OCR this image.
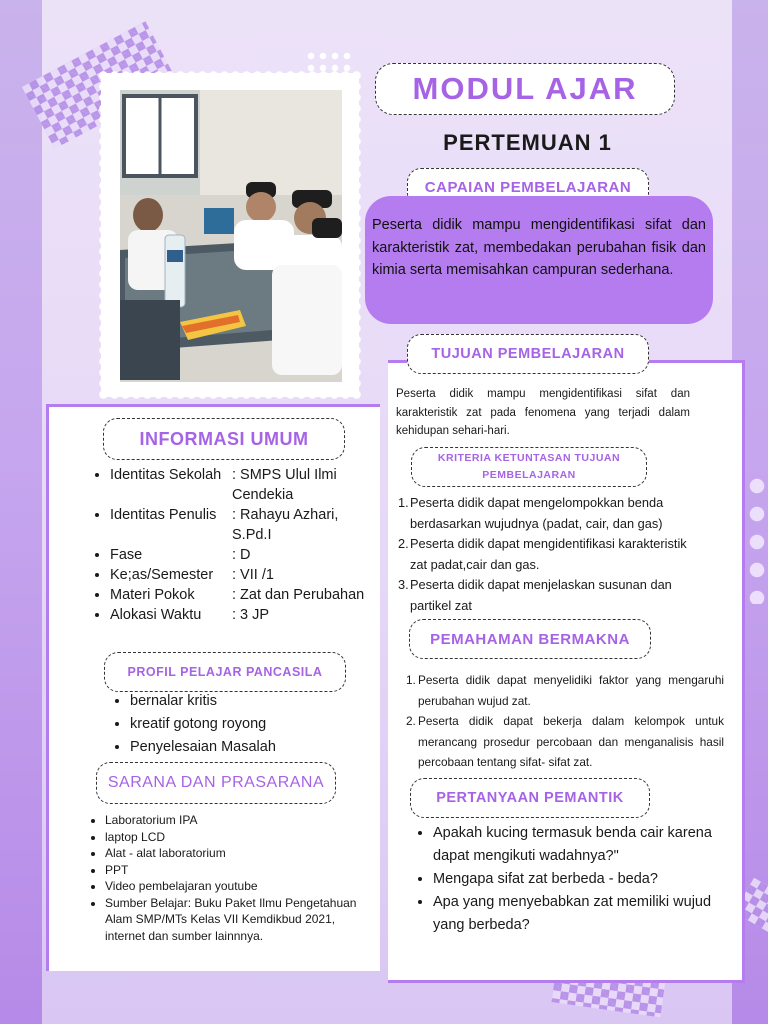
MODUL AJAR
PERTEMUAN 1
CAPAIAN PEMBELAJARAN
Peserta didik mampu mengidentifikasi sifat dan karakteristik zat, membedakan perubahan fisik dan kimia serta memisahkan campuran sederhana.
INFORMASI UMUM
• Identitas Sekolah : SMPS Ulul Ilmi Cendekia
• Identitas Penulis	: Rahayu Azhari, S.Pd.I
• Fase	: D
• Ke;as/Semester	: VII /1
• Materi Pokok	: Zat dan Perubahan
• Alokasi Waktu	: 3 JP
PROFIL PELAJAR PANCASILA
• bernalar kritis
• kreatif gotong royong
• Penyelesaian Masalah
SARANA DAN PRASARANA
• Laboratorium IPA
• laptop LCD
• Alat - alat laboratorium
• PPT
• Video pembelajaran youtube
• Sumber Belajar: Buku Paket Ilmu Pengetahuan Alam SMP/MTs Kelas VII Kemdikbud 2021, internet dan sumber lainnnya.
TUJUAN PEMBELAJARAN
Peserta didik mampu mengidentifikasi sifat dan karakteristik zat pada fenomena yang terjadi dalam kehidupan sehari-hari.
KRITERIA KETUNTASAN TUJUAN PEMBELAJARAN
1. Peserta didik dapat mengelompokkan benda berdasarkan wujudnya (padat, cair, dan gas)
2. Peserta didik dapat mengidentifikasi karakteristik zat padat,cair dan gas.
3. Peserta didik dapat menjelaskan susunan dan partikel zat
PEMAHAMAN BERMAKNA
1. Peserta didik dapat menyelidiki faktor yang mengaruhi perubahan wujud zat.
2. Peserta didik dapat bekerja dalam kelompok untuk merancang prosedur percobaan dan menganalisis hasil percobaan tentang sifat- sifat zat.
PERTANYAAN PEMANTIK
• Apakah kucing termasuk benda cair karena dapat mengikuti wadahnya?"
• Mengapa sifat zat berbeda - beda?
• Apa yang menyebabkan zat memiliki wujud yang berbeda?
